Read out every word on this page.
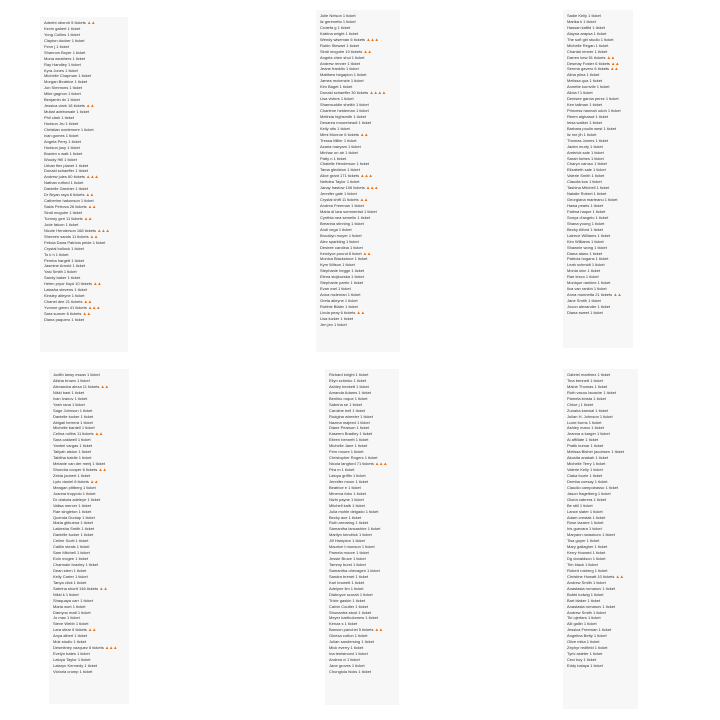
Adeebi oboroh 5 tickets▲▲
Kevin gabert 1 ticket
Yong Collins 1 ticket
Clayton docker 1 ticket
Fenn j 1 ticket
Shannon Boyer 1 ticket
Mona weathers 1 ticket
Ray Handley 1 ticket
Kyra Jones 1 ticket
Michelle Chapman 1 ticket
Morgan Beatrice 1 ticket
Jon Simmons 1 ticket
Mike gagnon 1 ticket
Benjamin dx 1 ticket
Jessica clark 18 tickets▲▲
Mutiat adebowale 1 ticket
Phil clark 1 ticket
Hudson Jru 1 ticket
Christian noelemore 1 ticket
Ivan gomes 1 ticket
Angela Perry 1 ticket
Hudson jusy 1 ticket
Braden s watt 1 ticket
Woody Hill 1 ticket
Urban flex planet 1 ticket
Donald schaeffer 1 ticket
Andrew jules 60 tickets▲▲▲
Nathan rutford 1 ticket
Danielle Gardner 1 ticket
Dr Bryan raya 6 tickets▲▲
Catherine hakonson 1 ticket
Sakis Petrova 26 tickets▲▲
Sindi mcguire 1 ticket
Tummy geri 11 tickets▲▲
Jode falcon 1 ticket
Nicole Henderson 168 tickets▲▲▲
Shereen sands 11 tickets▲▲
Felicia Dana Patricia peide 1 ticket
Crystal bullock 1 ticket
To k h 1 ticket
Pemba hargett 1 ticket
Jasmine Arnold 1 ticket
Yasi Smith 1 ticket
Sandy baker 1 ticket
Helen pryor lloyd 10 tickets▲▲
Latasha stevens 1 ticket
Kinsley alleyne 1 ticket
Chanel dee 21 tickets▲▲
Yvonne green 41 tickets▲▲▲
Sara suncer 6 tickets▲▲
Diana paquero 1 ticket
Julie Nelson 1 ticket
liz gerenetto 1 ticket
Crotefa g 1 ticket
Katrina wright 1 ticket
Wendy wiseman 6 tickets▲▲▲
Robin Stewart 1 ticket
Sindi mcguire 10 tickets▲▲
Angela chen shui 1 ticket
Andrew renner 1 ticket
Jeane franklin 1 ticket
Matthew hegapion 1 ticket
James mckenzie 1 ticket
Kim Baget 1 ticket
Donald schaeffer 30 tickets▲▲▲▲
Lisa viviers 1 ticket
Shamsuddin sheikh 1 ticket
Charlene heideman 1 ticket
Melinda highsmith 1 ticket
Desarea mooreheadl 1 ticket
Kelly otis 1 ticket
Mimi Monroe 6 tickets▲▲
Tressa Miller 1 ticket
Azaria maryam 1 ticket
Minhaz on air 1 ticket
Patty n 1 ticket
Chatelle Henderson 1 ticket
Tama gledston 1 ticket
Alice grant 171 tickets▲▲▲
Nettdea Taylor 1 ticket
Janay hastow 106 tickets▲▲▲
Jennifer gale 1 ticket
Crystal shift 11 tickets▲▲
Andrea Freeman 1 ticket
Maria di lara sommerlad 1 ticket
Cynthia nea semelin 1 ticket
Breanna stinning 1 ticket
Andi vega 1 ticket
Brooklyn moyer 1 ticket
Alex sparkling 1 ticket
Desiree carolina 1 ticket
Kendyce pound 6 ticket▲▲
Monica Blackstone 1 ticket
Kym Wilson 1 ticket
Stephanie hegge 1 ticket
Elena stojkovska 1 ticket
Stephanie parrin 1 ticket
Evan earl 1 ticket
Anna mcleman 1 ticket
Greta alleyne 1 ticket
Robbie Blaler 1 ticket
Linda peay 6 tickets▲▲
Lisa tucker 1 ticket
Jen jen 1 ticket
Sadie Kelly 1 ticket
Marika k 1 ticket
Hassan kaftid 1 ticket
Alayna arapsa 1 ticket
The soft girl studio 1 ticket
Michelle Regan 1 ticket
Chantal renner 1 ticket
Darren kew 51 tickets▲▲
Desmay Foster 6 tickets▲▲
Serena gavero 6 tickets▲▲
Alina pilna 1 ticket
Melissa qua 1 ticket
Annette kurnvile 1 ticket
Alicia f 1 ticket
Denisee garcia perez 1 ticket
Ken tallman 1 ticket
Princess hannah odoh 1 ticket
Reem alghaswi 1 ticket
Ieisa walker 1 ticket
Barbara poulin west 1 ticket
liz me jih 1 ticket
Thomas James 1 ticket
Jaden murty 1 ticket
Ambrick sale 1 ticket
Sarah forbes 1 ticket
Charyn caruso 1 ticket
Elizabeth sale 1 ticket
Valerie Smith 1 ticket
Claudia kos 1 ticket
Tashina Mitchell 1 ticket
Natalie Robert 1 ticket
Georgiana marteanu 1 ticket
Hawa pearis 1 ticket
Fatima haque 1 ticket
Sonya d'angelo 1 ticket
Shana young 1 ticket
Becky Alford 1 ticket
Latrece Williams 1 ticket
Kim Williams 1 ticket
Shawnie wong 1 ticket
Diana alano 1 ticket
Patricia hogans 1 ticket
Leah schmidt 1 ticket
Monia sinn 1 ticket
Rae lesco 1 ticket
Monique rankine 1 ticket
Ilca van rankin 1 ticket
Anna munnetta 21 tickets▲▲
Jane Smith 1 ticket
Jovon alexander 1 ticket
Diana sweet 1 ticket
Judith lansy essan 1 ticket
Alisha brown 1 ticket
Alexandra alexa 11 tickets▲▲
Nikki bast 1 ticket
Ivan Ivanov 1 ticket
Yash rana 1 ticket
Sage Johnson 1 ticket
Danielle tucker 1 ticket
Abigail herrera 1 ticket
Michelle bardell 1 ticket
Celina rollins 11 tickets▲▲
Sara caldwell 1 ticket
Yanbel vargas 1 ticket
Taliyah alston 1 ticket
Tabitha baldie 1 ticket
Melanie van der merij 1 ticket
Shondra cooper 6 tickets▲▲
Zelda joubert 1 ticket
Lyric daniel 6 tickets▲▲
Meagan pittberg 1 ticket
Joanna troppolo 1 ticket
Dr olabola adeleye 1 ticket
Valisa mercer 1 ticket
Rae singleton 1 ticket
Quenda Dunlap 1 ticket
Maria gilbuena 1 ticket
Lakiesha Smith 1 ticket
Danielle tucker 1 ticket
Celine Scott 1 ticket
Caitlin steals 1 ticket
Sam Mitchell 1 ticket
Eoin mcgee 1 ticket
Charmain braxley 1 ticket
Dean stern 1 ticket
Kelly Carter 1 ticket
Tanya click 1 ticket
Sabrina shortt 146 tickets▲▲
Nikki k 1 ticket
Shaquaya carr 1 ticket
Maria wort 1 ticket
Damyno matt 1 ticket
Jo mac 1 ticket
Steve Webb 1 ticket
Lara stear 6 tickets▲▲
Anya albert 1 ticket
Mok studio 1 ticket
Desmitney vazquez 6 tickets▲▲▲
Evelyn bates 1 ticket
Latoya Taylor 1 ticket
Lataryn Kennedy 1 ticket
Victoria crump 1 ticket
Richard knight 1 ticket
Ellyn schinko 1 ticket
Ashley beckett 1 ticket
Amanda Adams 1 ticket
Benlino roque 1 ticket
Sabrina se 1 ticket
Caroline bell 1 ticket
Rodgina wheeler 1 ticket
Nazma majeed 1 ticket
Diane Pearson 1 ticket
Kaseem Bradley 1 ticket
Eileen bennett 1 ticket
Michelle Jane 1 ticket
Fern moore 1 ticket
Christopher Rogers 1 ticket
Nicola langford 71 tickets▲▲▲
Pira m 1 ticket
Latoya griffin 1 ticket
Jennifer moon 1 ticket
Beatrice e 1 ticket
Minerva fobo 1 ticket
Nizhi payne 1 ticket
Mitchell kalb 1 ticket
Julia mohle delgado 1 ticket
Becky ace 1 ticket
Ruth armaring 1 ticket
Samantha lancashire 1 ticket
Marilyn kendrick 1 ticket
Jill Hampton 1 ticket
Maurice t munson 1 ticket
Pamela moore 1 ticket
Jessie Bruce 1 ticket
Tammy burst 1 ticket
Samantha ohevagen 1 ticket
Sandra brenet 1 ticket
Karl browett 1 ticket
Adelyne lim 1 ticket
Diahnyce scorah 1 ticket
Trixie gaskin 1 ticket
Calvin Coulter 1 ticket
Shunantra stout 1 ticket
Meyer bartholomew 1 ticket
Kenza s 1 ticket
Banson panchel 5 tickets▲▲
Ginesa cotton 1 ticket
Julian sandersing 1 ticket
Mick everry 1 ticket
Ina tentsinced 1 ticket
Andrea vi 1 ticket
Jane groves 1 ticket
Chungiola hicks 1 ticket
Gabriel martinez 1 ticket
Tina bennett 1 ticket
Maine Thomas 1 ticket
Ruth vacou lacache 1 ticket
Pamela kinsta 1 ticket
Chloe j 1 ticket
Zunaira kanwal 1 ticket
Julian H. Johnson 1 ticket
Lucie burns 1 ticket
Ashley mano 1 ticket
Jeanna a karger 1 ticket
Ai affiliate 1 ticket
Pratik kumar 1 ticket
Melissa Bisher jacobsen 1 ticket
Akosita anakah 1 ticket
Michelle Terry 1 ticket
Valerie Kelly 1 ticket
Ciaka fourie 1 ticket
Demba coesay 1 ticket
Claudio campobasso 1 ticket
Jason fragelberg 1 ticket
Gloria cabrera 1 ticket
Be still 1 ticket
Lance slater 1 ticket
Adam crestak 1 ticket
Rose lazarre 1 ticket
Iris guevara 1 ticket
Maryann nwaokoro 1 ticket
Tisa guyer 1 ticket
Mary gallagher 1 ticket
Kerry Howard 1 ticket
Dg donaldson 1 ticket
Tim black 1 ticket
Robert rosberg 1 ticket
Christine Howatt 10 tickets▲▲
Andrew Smith 1 ticket
Anastasia romanov 1 ticket
Bobbi ludwig 1 ticket
Bart blaker 1 ticket
Anastasia romanov 1 ticket
Andrew Smith 1 ticket
Tiri ojerfars 1 ticket
Alli gallin 1 ticket
Jessica Freeman 1 ticket
Angelina Betty 1 ticket
Olive mika 1 ticket
Zephyr redfield 1 ticket
Tyric asleter 1 ticket
Ceci koy 1 ticket
Eddy balaya 1 ticket
